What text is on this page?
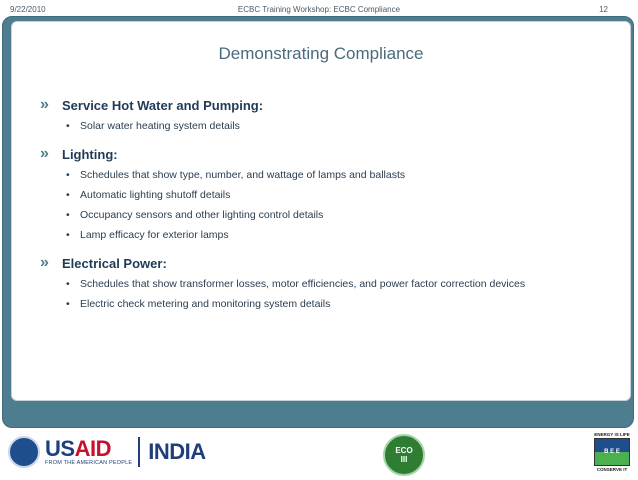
9/22/2010	ECBC Training Workshop: ECBC Compliance	12
Demonstrating Compliance
»	Service Hot Water and Pumping:
• Solar water heating system details
»	Lighting:
• Schedules that show type, number, and wattage of lamps and ballasts
• Automatic lighting shutoff details
• Occupancy sensors and other lighting control details
• Lamp efficacy for exterior lamps
»	Electrical Power:
• Schedules that show transformer losses, motor efficiencies, and power factor correction devices
• Electric check metering and monitoring system details
USAID
FROM THE AMERICAN PEOPLE INDIA	ECO
III
ENERGY IS LIFE
B E E
CONSERVE IT
